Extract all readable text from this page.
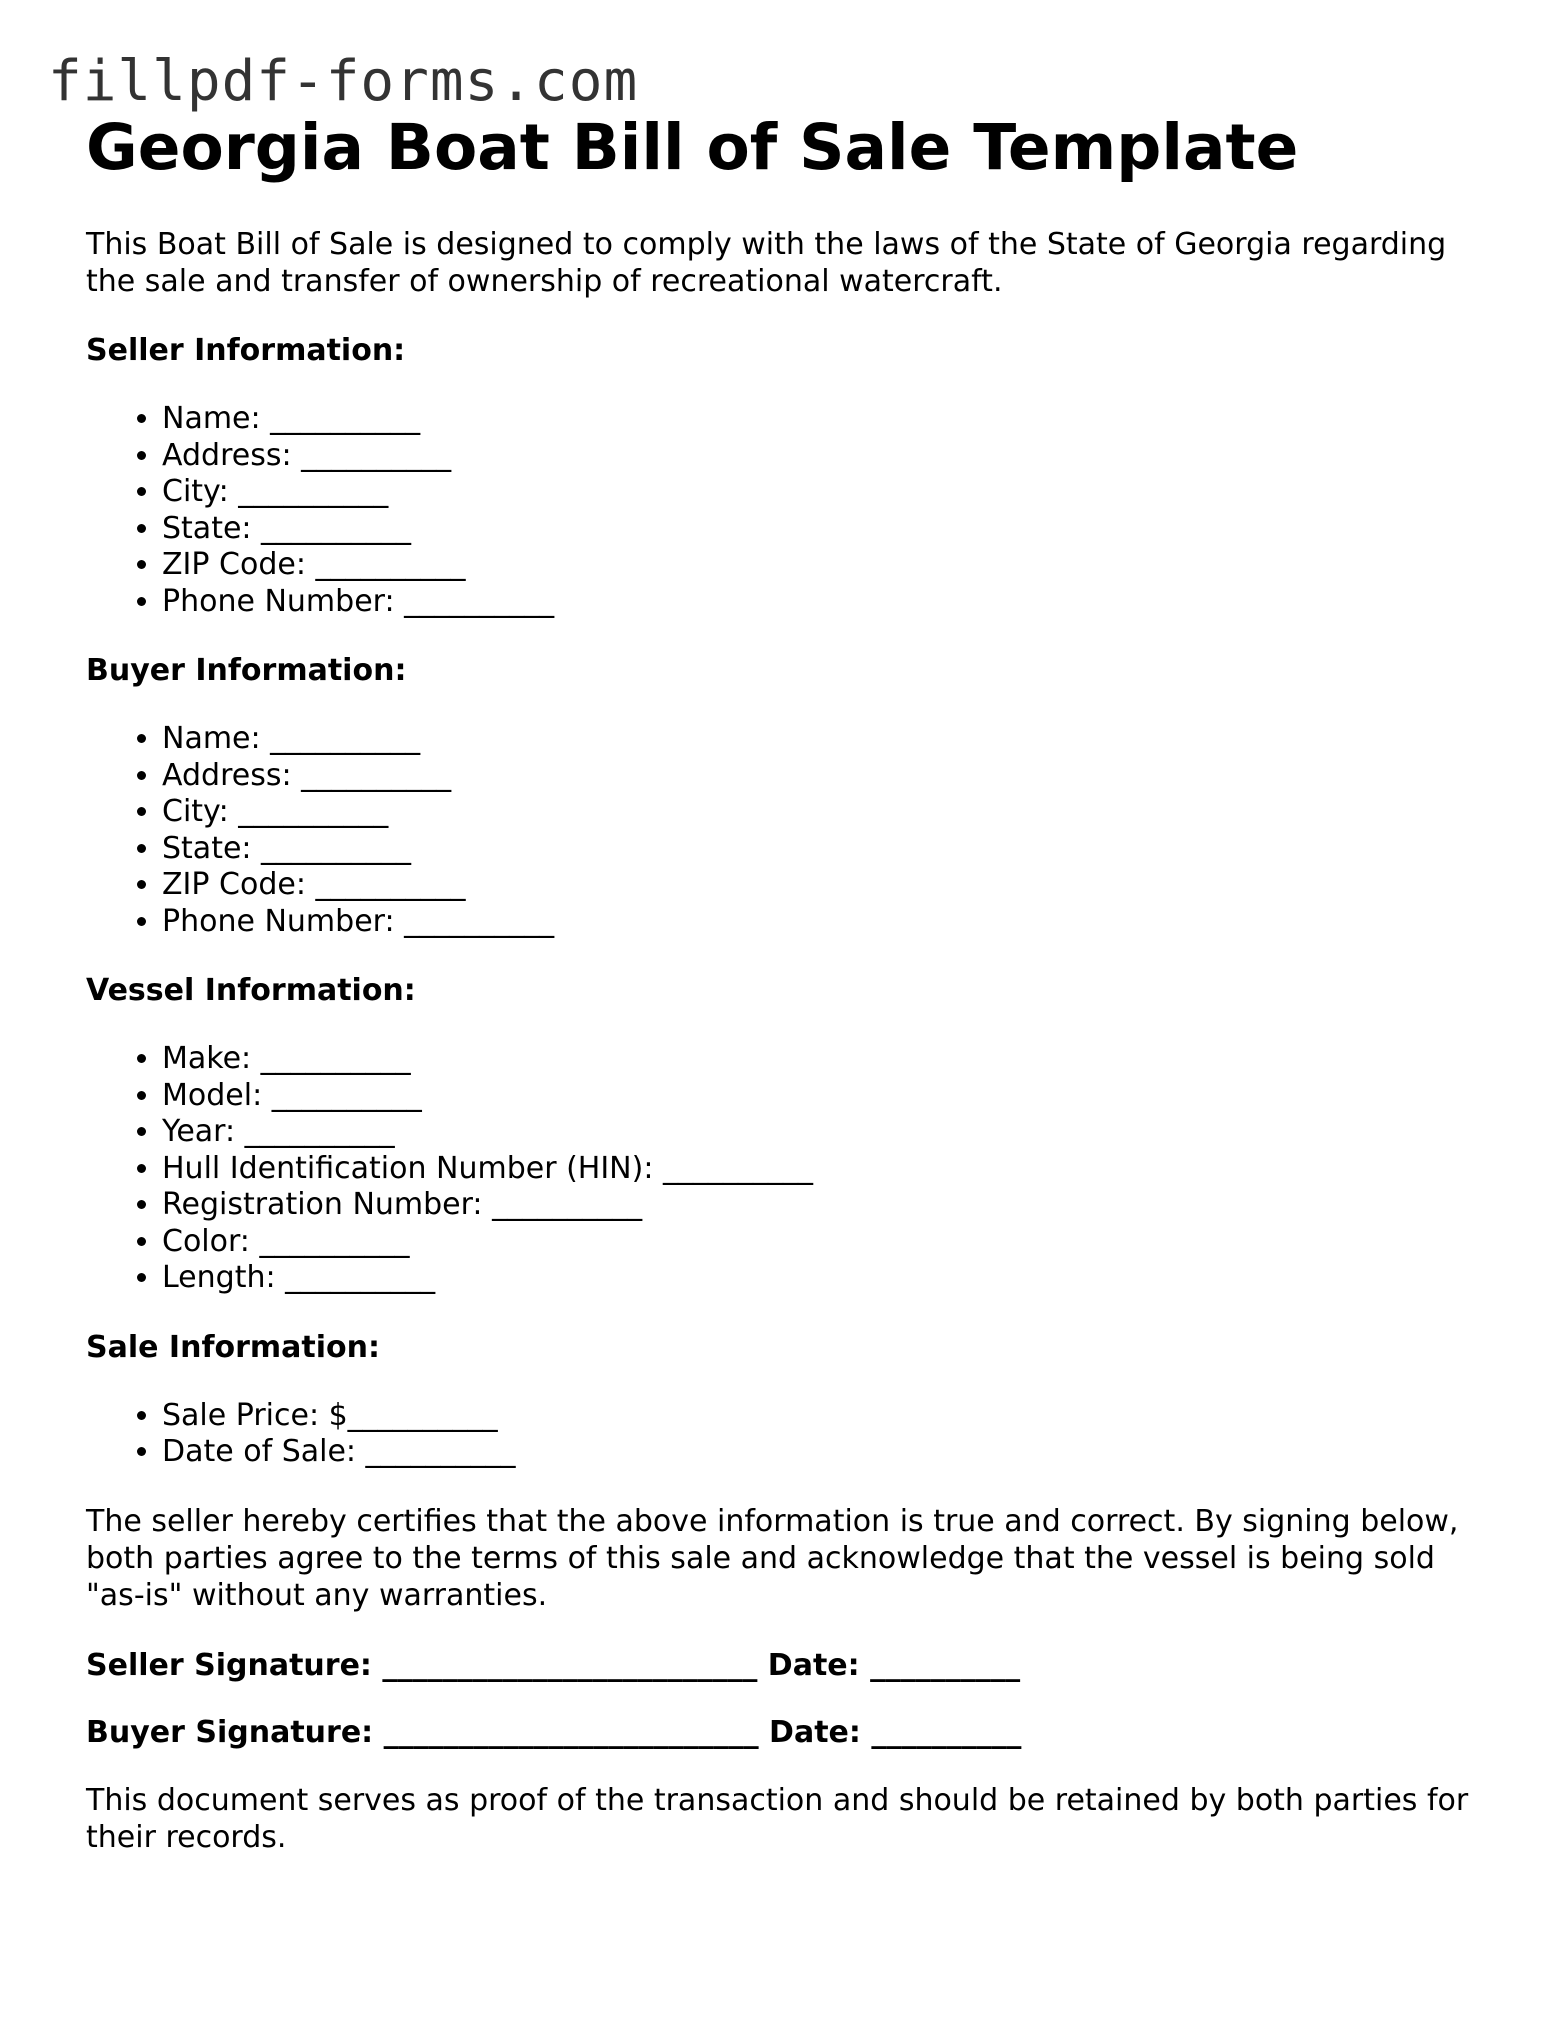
fillpdf-forms.com
Georgia Boat Bill of Sale Template

This Boat Bill of Sale is designed to comply with the laws of the State of Georgia regarding the sale and transfer of ownership of recreational watercraft.

Seller Information:
• Name: __________
• Address: __________
• City: __________
• State: __________
• ZIP Code: __________
• Phone Number: __________
Buyer Information:
• Name: __________
• Address: __________
• City: __________
• State: __________
• ZIP Code: __________
• Phone Number: __________
Vessel Information:
• Make: __________
• Model: __________
• Year: __________
• Hull Identification Number (HIN): __________
• Registration Number: __________
• Color: __________
• Length: __________
Sale Information:
• Sale Price: $__________
• Date of Sale: __________

The seller hereby certifies that the above information is true and correct. By signing below, both parties agree to the terms of this sale and acknowledge that the vessel is being sold "as-is" without any warranties.

Seller Signature: _________________________ Date: __________
Buyer Signature: _________________________ Date: __________

This document serves as proof of the transaction and should be retained by both parties for their records.
